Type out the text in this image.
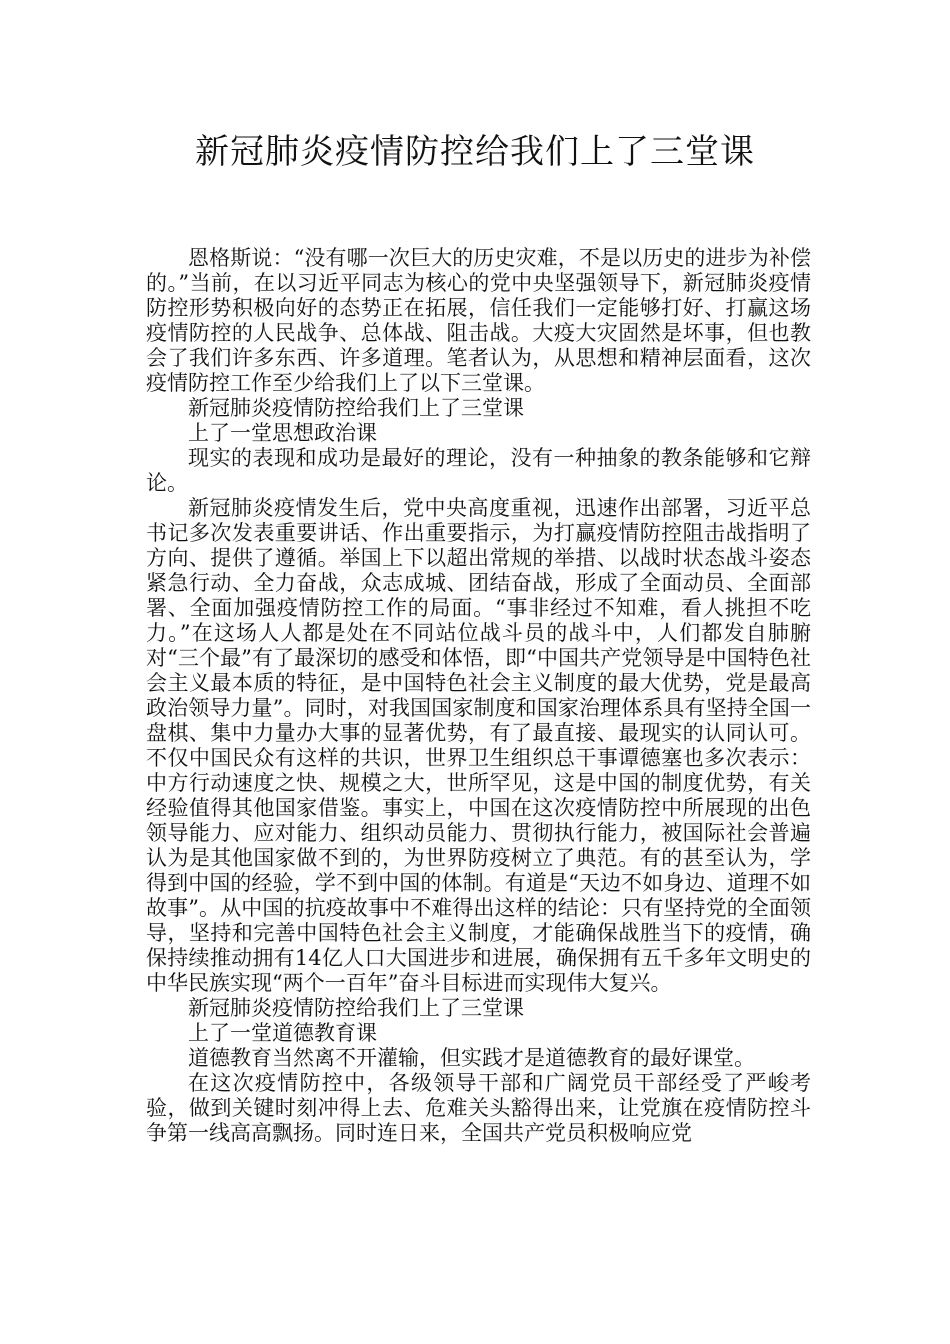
新冠肺炎疫情防控给我们上了三堂课

恩格斯说：“没有哪一次巨大的历史灾难，不是以历史的进步为补偿的。”当前，在以习近平同志为核心的党中央坚强领导下，新冠肺炎疫情防控形势积极向好的态势正在拓展，信任我们一定能够打好、打赢这场疫情防控的人民战争、总体战、阻击战。大疫大灾固然是坏事，但也教会了我们许多东西、许多道理。笔者认为，从思想和精神层面看，这次疫情防控工作至少给我们上了以下三堂课。

新冠肺炎疫情防控给我们上了三堂课

上了一堂思想政治课

现实的表现和成功是最好的理论，没有一种抽象的教条能够和它辩论。

新冠肺炎疫情发生后，党中央高度重视，迅速作出部署，习近平总书记多次发表重要讲话、作出重要指示，为打赢疫情防控阻击战指明了方向、提供了遵循。举国上下以超出常规的举措、以战时状态战斗姿态紧急行动、全力奋战，众志成城、团结奋战，形成了全面动员、全面部署、全面加强疫情防控工作的局面。“事非经过不知难，看人挑担不吃力。”在这场人人都是处在不同站位战斗员的战斗中，人们都发自肺腑对“三个最”有了最深切的感受和体悟，即“中国共产党领导是中国特色社会主义最本质的特征，是中国特色社会主义制度的最大优势，党是最高政治领导力量”。同时，对我国国家制度和国家治理体系具有坚持全国一盘棋、集中力量办大事的显著优势，有了最直接、最现实的认同认可。不仅中国民众有这样的共识，世界卫生组织总干事谭德塞也多次表示：中方行动速度之快、规模之大，世所罕见，这是中国的制度优势，有关经验值得其他国家借鉴。事实上，中国在这次疫情防控中所展现的出色领导能力、应对能力、组织动员能力、贯彻执行能力，被国际社会普遍认为是其他国家做不到的，为世界防疫树立了典范。有的甚至认为，学得到中国的经验，学不到中国的体制。有道是“天边不如身边、道理不如故事”。从中国的抗疫故事中不难得出这样的结论：只有坚持党的全面领导，坚持和完善中国特色社会主义制度，才能确保战胜当下的疫情，确保持续推动拥有14亿人口大国进步和进展，确保拥有五千多年文明史的中华民族实现“两个一百年”奋斗目标进而实现伟大复兴。

新冠肺炎疫情防控给我们上了三堂课

上了一堂道德教育课

道德教育当然离不开灌输，但实践才是道德教育的最好课堂。

在这次疫情防控中，各级领导干部和广阔党员干部经受了严峻考验，做到关键时刻冲得上去、危难关头豁得出来，让党旗在疫情防控斗争第一线高高飘扬。同时连日来，全国共产党员积极响应党
